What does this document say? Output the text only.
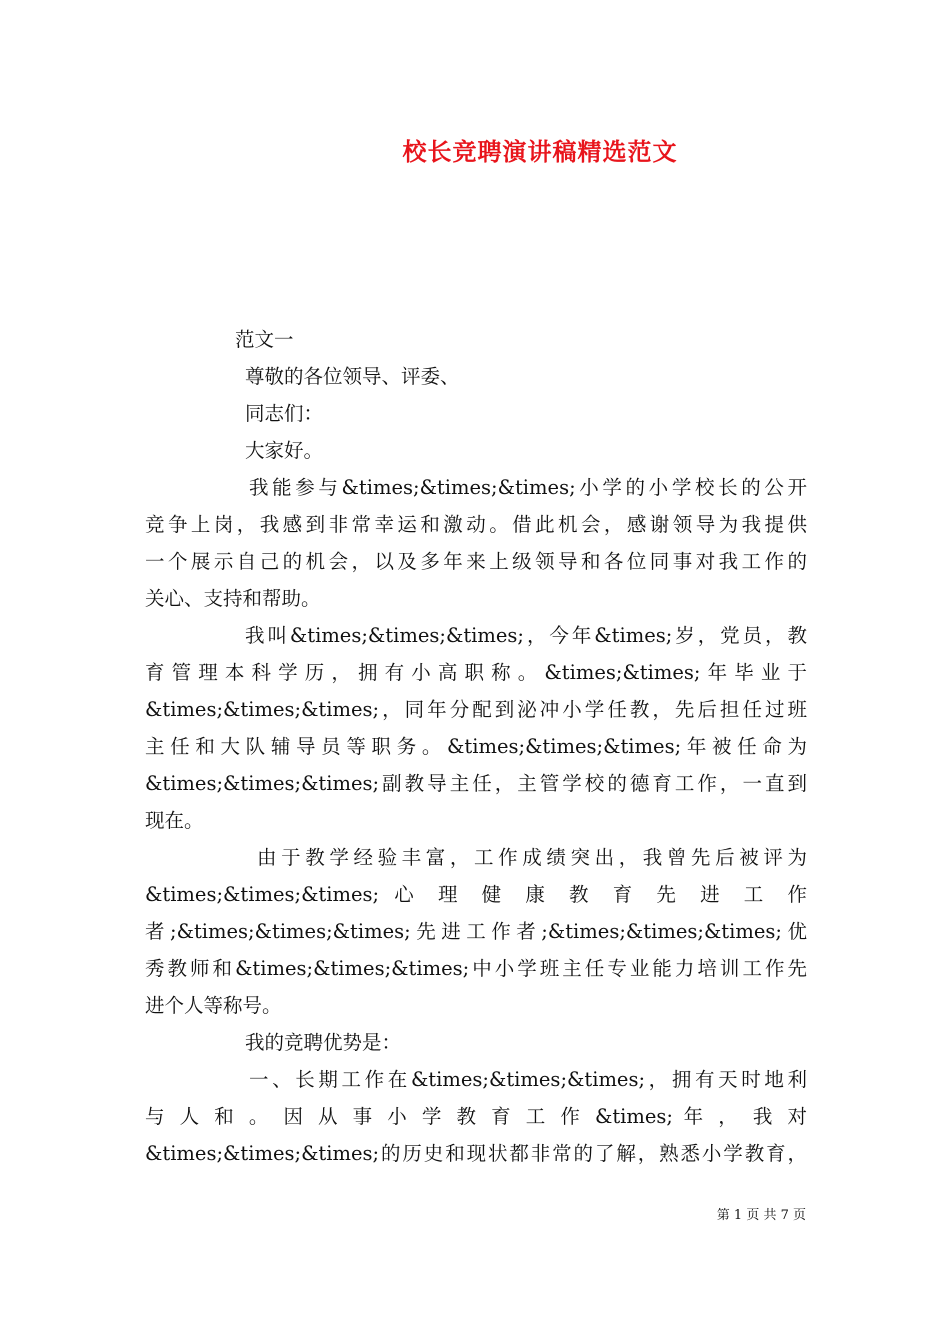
校长竞聘演讲稿精选范文
范文一
尊敬的各位领导、评委、
同志们：
大家好。
我能参与&times;&times;&times;小学的小学校长的公开
竞争上岗，我感到非常幸运和激动。借此机会，感谢领导为我提供
一个展示自己的机会，以及多年来上级领导和各位同事对我工作的
关心、支持和帮助。
我叫&times;&times;&times;，今年&times;岁，党员，教
育管理本科学历，拥有小高职称。&times;&times;年毕业于
&times;&times;&times;，同年分配到泌冲小学任教，先后担任过班
主任和大队辅导员等职务。&times;&times;&times;年被任命为
&times;&times;&times;副教导主任，主管学校的德育工作，一直到
现在。
由于教学经验丰富，工作成绩突出，我曾先后被评为
&times;&times;&times; 心 理 健 康 教 育 先 进 工 作
者;&times;&times;&times;先进工作者;&times;&times;&times;优
秀教师和&times;&times;&times;中小学班主任专业能力培训工作先
进个人等称号。
我的竞聘优势是：
一、长期工作在&times;&times;&times;，拥有天时地利
与 人 和 。 因 从 事 小 学 教 育 工 作 &times; 年 ， 我 对
&times;&times;&times;的历史和现状都非常的了解，熟悉小学教育，
第 1 页 共 7 页
